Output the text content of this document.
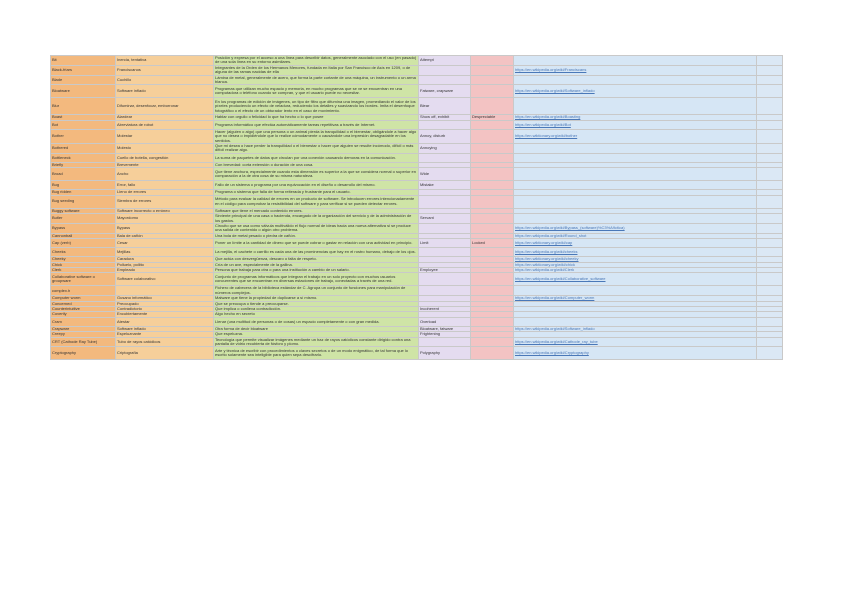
Bit	Inercia, tentativa	Posición y expresa por el acceso a una línea para describir datos, generalmente asociado con el uso (en pasado) de una sola línea en su entorno asimilares.	Attempt			
Black-friars	Franciscanos	Integrantes de la Orden de los Hermanos Menores, fundada en Italia por San Francisco de Asís en 1209, o de alguna de las ramas nacidas de ella			https://en.wikipedia.org/wiki/Franciscans	
Blade	Cuchillo	Lámina de metal, generalmente de acero, que forma la parte cortante de una máquina, un instrumento o un arma blanca.				
Bloatware	Software inflado	Programas que utilizan mucho espacio y memoria, en mucho programas que se ve se encuentran en una computadora o teléfono cuando se compran, y que el usuario puede no necesitar.	Fatware, crapware		https://en.wikipedia.org/wiki/Software_inflado	
Blur	Difuminar, desenfocar, emborronar	En los programas de edición de imágenes, un tipo de filtro que difumina una imagen, promediando el valor de los píxeles produciendo un efecto de veladura, reduciendo los detalles y suavizando los bordes. Imita el desenfoque fotográfico o el efecto de un obturador lento en el caso de movimiento.	Blear			
Boast	Alardear	Hablar con orgullo o felicidad lo que ha hecho o lo que posee	Show off, exhibit	Despreciable	https://en.wikipedia.org/wiki/Boasting	
Bot	Abreviatura de robot	Programa informático que efectúa automáticamente tareas repetitivas a través de Internet.			https://en.wikipedia.org/wiki/Bot	
Bother	Molestar	Hacer (alguien o algo) que una persona o un animal pierda la tranquilidad o el bienestar, obligándole a hacer algo que no desea o impidiéndole que lo realice cómodamente o causándole una impresión desagradable en los sentidos.	Annoy, disturb		https://en.wiktionary.org/wiki/bother	
Bothered	Molesto	Que mi desea o hace perder la tranquilidad o el bienestar o hacer que alguien se resulte incómodo, difícil o más difícil realizar algo.	Annoying			
Bottleneck	Cuello de botella, congestión	La suma de paquetes de datos que circulan por una conexión causando demoras en la comunicación.				
Briefly	Brevemente	Con brevedad: corta extensión o duración de una cosa.				
Broad	Ancho	Que tiene anchura, especialmente cuando esta dimensión es superior a la que se considera normal o superior en comparación a la de otra cosa de su misma naturaleza.	Wide			
Bug	Error, fallo	Fallo de un sistema o programa por una equivocación en el diseño o desarrollo del mismo.	Mistake			
Bug ridden	Lleno de errores	Programa o sistema que falla de forma reiterada y frustrante para el usuario.				
Bug seeding	Siembra de errores	Método para evaluar la calidad de errores en un producto de software. Se introducen errores intencionadamente en el código para comprobar la resistibilidad del software y para verificar si se pueden detectar errores.				
Buggy software	Software incorrecto o erróneo	Software que tiene el mercado contenido errores.				
Butler	Mayordomo	Sirviente principal de una casa o hacienda, encargado de la organización del servicio y de la administración de los gastos.	Servant			
Bypass	Bypass	Circuito que se usa como válvula multiválido el flujo normal de ideas hacia una nueva alternativa si se produce una salida de contenido o algún otro problema.			https://en.wikipedia.org/wiki/Bypass_(software)%C3%A9ctica)	
Cannonball	Bala de cañón	Una bola de metal pesado o piedra de cañón.			https://en.wikipedia.org/wiki/Round_shot	
Cap (verb)	Cesar	Poner un límite a la cantidad de dinero que se puede cobrar o gastar en relación con una actividad en principio.	Limit	Locked	https://en.wiktionary.org/wiki/cap	
Cheeks	Mejillas	La mejilla, el cachete o carrillo es cada una de las prominencias que hay en el rostro humano, debajo de los ojos.			https://en.wikipedia.org/wiki/cheeks	
Cheeky	Caradura	Que actúa con desvergüenza, descaro o falta de respeto.			https://en.wiktionary.org/wiki/cheeky	
Chick	Polluelo, pollito	Cría de un ave, especialmente de la gallina.			https://en.wiktionary.org/wiki/chick	
Clerk	Empleado	Persona que trabaja para otra o para una institución a cambio de un salario.	Employee		https://en.wikipedia.org/wiki/Clerk	
Collaborative software o groupware	Software colaborativo	Conjunto de programas informáticos que integran el trabajo en un solo proyecto con muchos usuarios concurrentes que se encuentran en diversas estaciones de trabajo, conectadas a través de una red.			https://en.wikipedia.org/wiki/Collaborative_software	
complex.h		Fichero de cabecera de la biblioteca estándar de C. Agrupa un conjunto de funciones para manipulación de números complejos.				
Computer worm	Gusano informático	Malware que tiene la propiedad de duplicarse a sí mismo.			https://en.wikipedia.org/wiki/Computer_worm	
Concerned	Preocupado	Que se preocupa o tiende a preocuparse.				
Counterintuitive	Contradictorio	Que implica o conlleva contradicción.	Incoherent			
Covertly	Encubiertamente	Algo hecho en secreto				
Cram	Atestar	Llenar (una multitud de personas o de cosas) un espacio completamente o con gran medida.	Overload			
Crapware	Software inflado	Otra forma de decir bloatware	Bloatware, fatware		https://en.wikipedia.org/wiki/Software_inflado	
Creepy	Espeluznante	Que espeluzna.	Frightening			
CRT (Cathode Ray Tube)	Tubo de rayos catódicos	Tecnología que permite visualizar imágenes mediante un haz de rayos catódicos constante dirigido contra una pantalla de vidrio recubierta de fósforo y plomo.			https://en.wikipedia.org/wiki/Cathode_ray_tube	
Cryptography	Criptografía	Arte y técnica de escribir con procedimientos o claves secretos o de un modo enigmático, de tal forma que lo escrito solamente sea inteligible para quien sepa descifrarlo.	Polygraphy		https://en.wikipedia.org/wiki/Cryptography	
